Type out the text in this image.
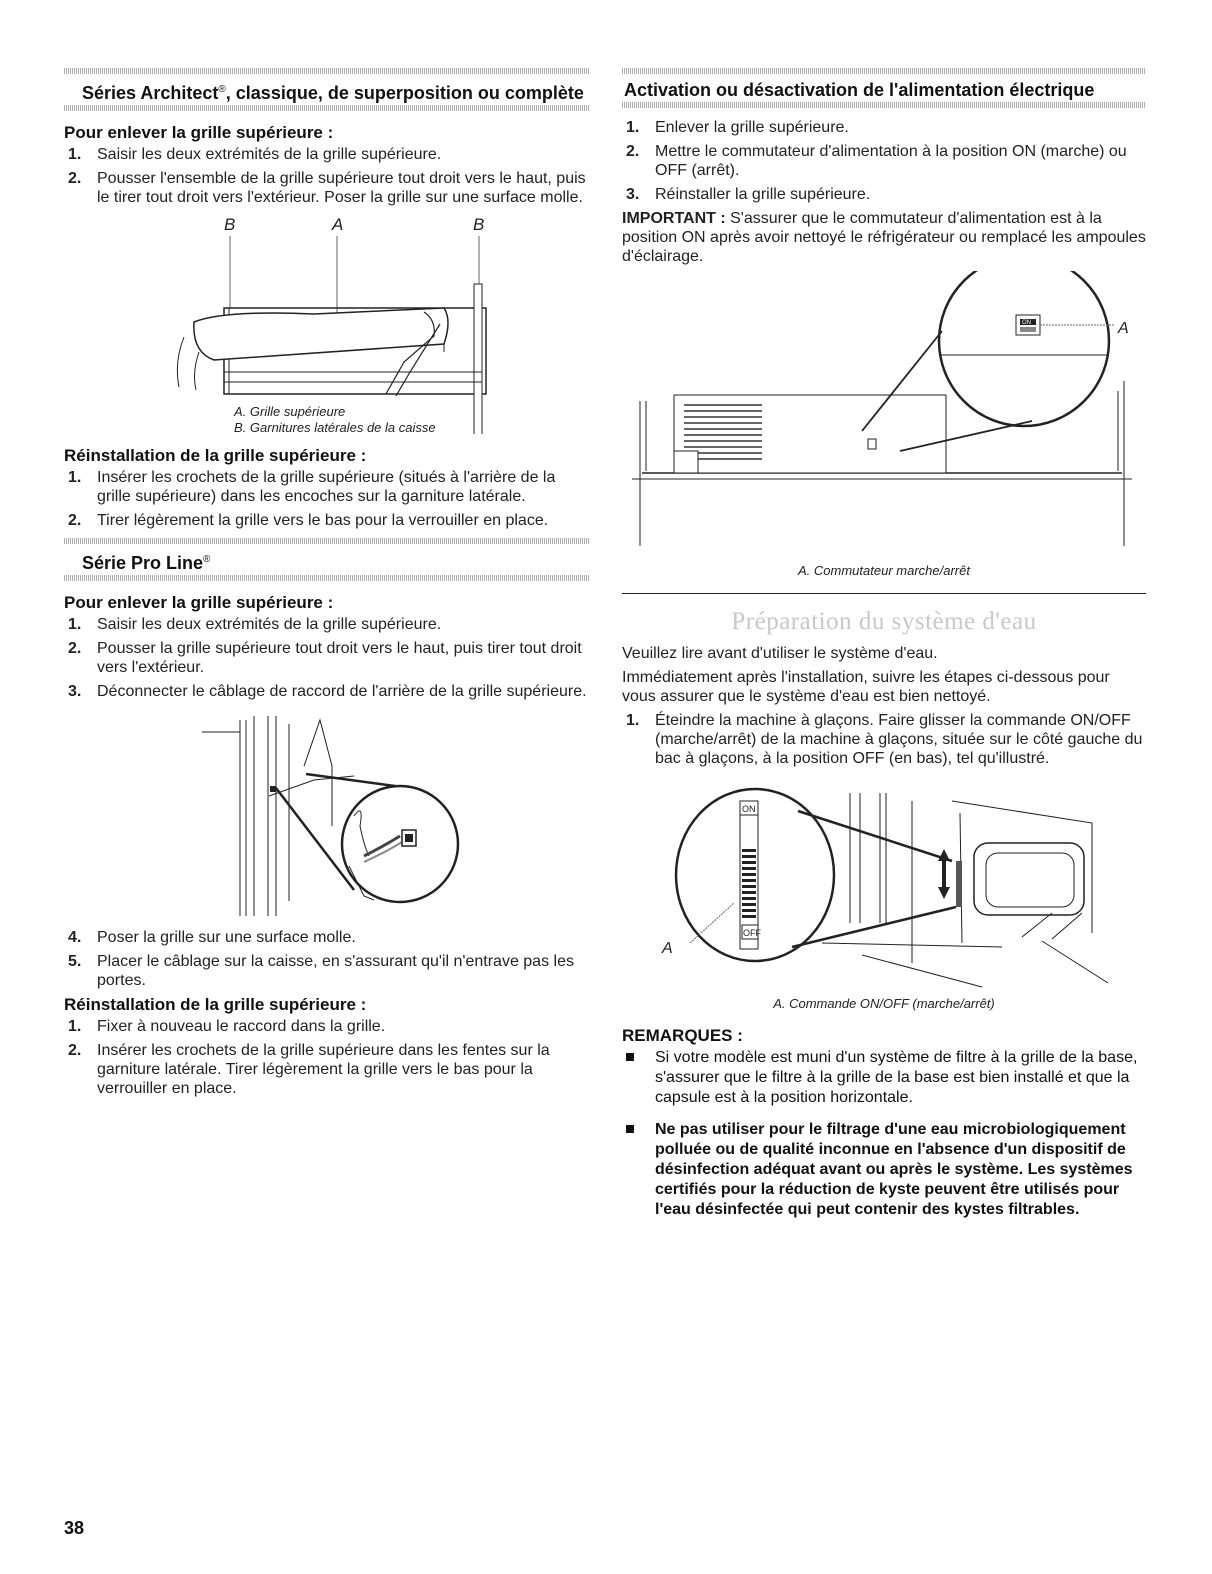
Séries Architect®, classique, de superposition ou complète
Pour enlever la grille supérieure :
1. Saisir les deux extrémités de la grille supérieure.
2. Pousser l'ensemble de la grille supérieure tout droit vers le haut, puis le tirer tout droit vers l'extérieur. Poser la grille sur une surface molle.
B	A	B
A. Grille supérieure
B. Garnitures latérales de la caisse
Réinstallation de la grille supérieure :
1. Insérer les crochets de la grille supérieure (situés à l'arrière de la grille supérieure) dans les encoches sur la garniture latérale.
2. Tirer légèrement la grille vers le bas pour la verrouiller en place.
Série Pro Line®
Pour enlever la grille supérieure :
1. Saisir les deux extrémités de la grille supérieure.
2. Pousser la grille supérieure tout droit vers le haut, puis tirer tout droit vers l'extérieur.
3. Déconnecter le câblage de raccord de l'arrière de la grille supérieure.
4. Poser la grille sur une surface molle.
5. Placer le câblage sur la caisse, en s'assurant qu'il n'entrave pas les portes.
Réinstallation de la grille supérieure :
1. Fixer à nouveau le raccord dans la grille.
2. Insérer les crochets de la grille supérieure dans les fentes sur la garniture latérale. Tirer légèrement la grille vers le bas pour la verrouiller en place.
Activation ou désactivation de l'alimentation électrique
1. Enlever la grille supérieure.
2. Mettre le commutateur d'alimentation à la position ON (marche) ou OFF (arrêt).
3. Réinstaller la grille supérieure.

IMPORTANT : S'assurer que le commutateur d'alimentation est à la position ON après avoir nettoyé le réfrigérateur ou remplacé les ampoules d'éclairage.

ON	A
A. Commutateur marche/arrêt
Préparation du système d'eau

Veuillez lire avant d'utiliser le système d'eau.

Immédiatement après l'installation, suivre les étapes ci-dessous pour vous assurer que le système d'eau est bien nettoyé.

1. Éteindre la machine à glaçons. Faire glisser la commande ON/OFF (marche/arrêt) de la machine à glaçons, située sur le côté gauche du bac à glaçons, à la position OFF (en bas), tel qu'illustré.
ON
OFF
A
A. Commande ON/OFF (marche/arrêt)
REMARQUES :
Si votre modèle est muni d'un système de filtre à la grille de la base, s'assurer que le filtre à la grille de la base est bien installé et que la capsule est à la position horizontale.
Ne pas utiliser pour le filtrage d'une eau microbiologiquement polluée ou de qualité inconnue en l'absence d'un dispositif de désinfection adéquat avant ou après le système. Les systèmes certifiés pour la réduction de kyste peuvent être utilisés pour l'eau désinfectée qui peut contenir des kystes filtrables.
38
